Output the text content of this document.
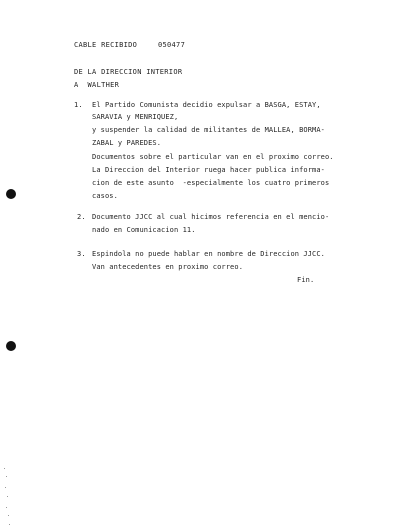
CABLE RECIBIDO	050477
DE LA DIRECCION INTERIOR
A  WALTHER
1. El Partido Comunista decidio expulsar a BASGA, ESTAY,
SARAVIA y MENRIQUEZ,
y suspender la calidad de militantes de MALLEA, BORMA-
ZABAL y PAREDES.
Documentos sobre el particular van en el proximo correo.
La Direccion del Interior ruega hacer publica informa-
cion de este asunto  -especialmente los cuatro primeros
casos.
2. Documento JJCC al cual hicimos referencia en el mencio-
nado en Comunicacion 11.
3. Espindola no puede hablar en nombre de Direccion JJCC.
Van antecedentes en proximo correo.
Fin.
